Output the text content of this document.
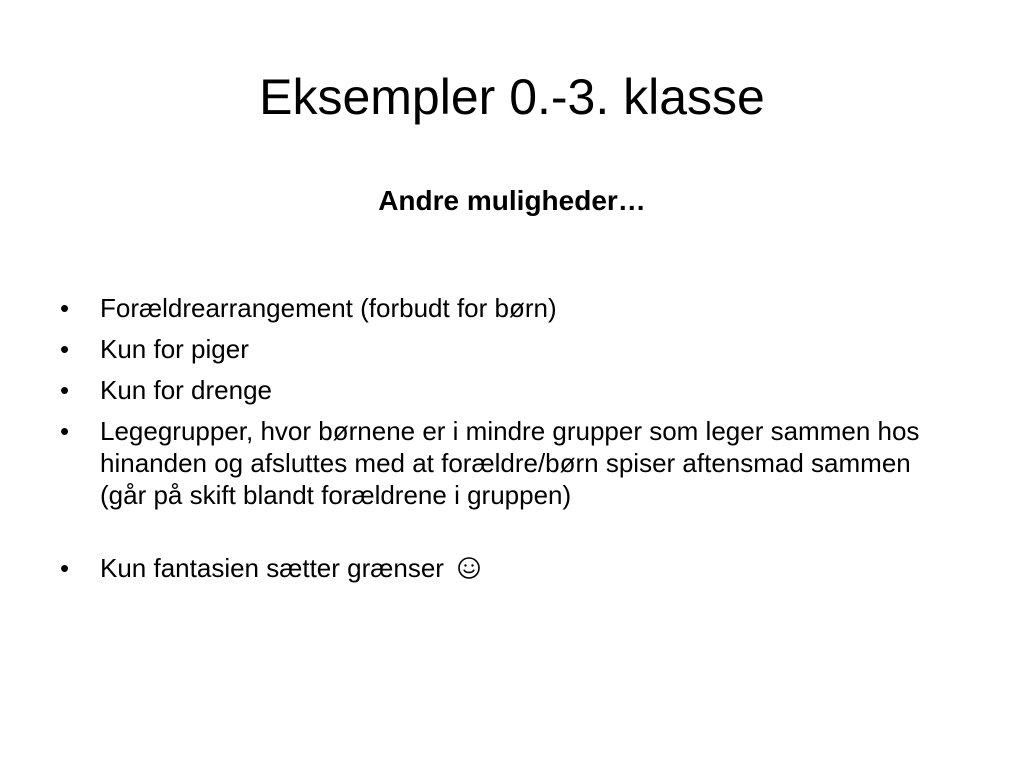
Eksempler 0.-3. klasse
Andre muligheder…
•	Forældrearrangement (forbudt for børn)
•	Kun for piger
•	Kun for drenge
•	Legegrupper, hvor børnene er i mindre grupper som leger sammen hos hinanden og afsluttes med at forældre/børn spiser aftensmad sammen (går på skift blandt forældrene i gruppen)
•	Kun fantasien sætter grænser
